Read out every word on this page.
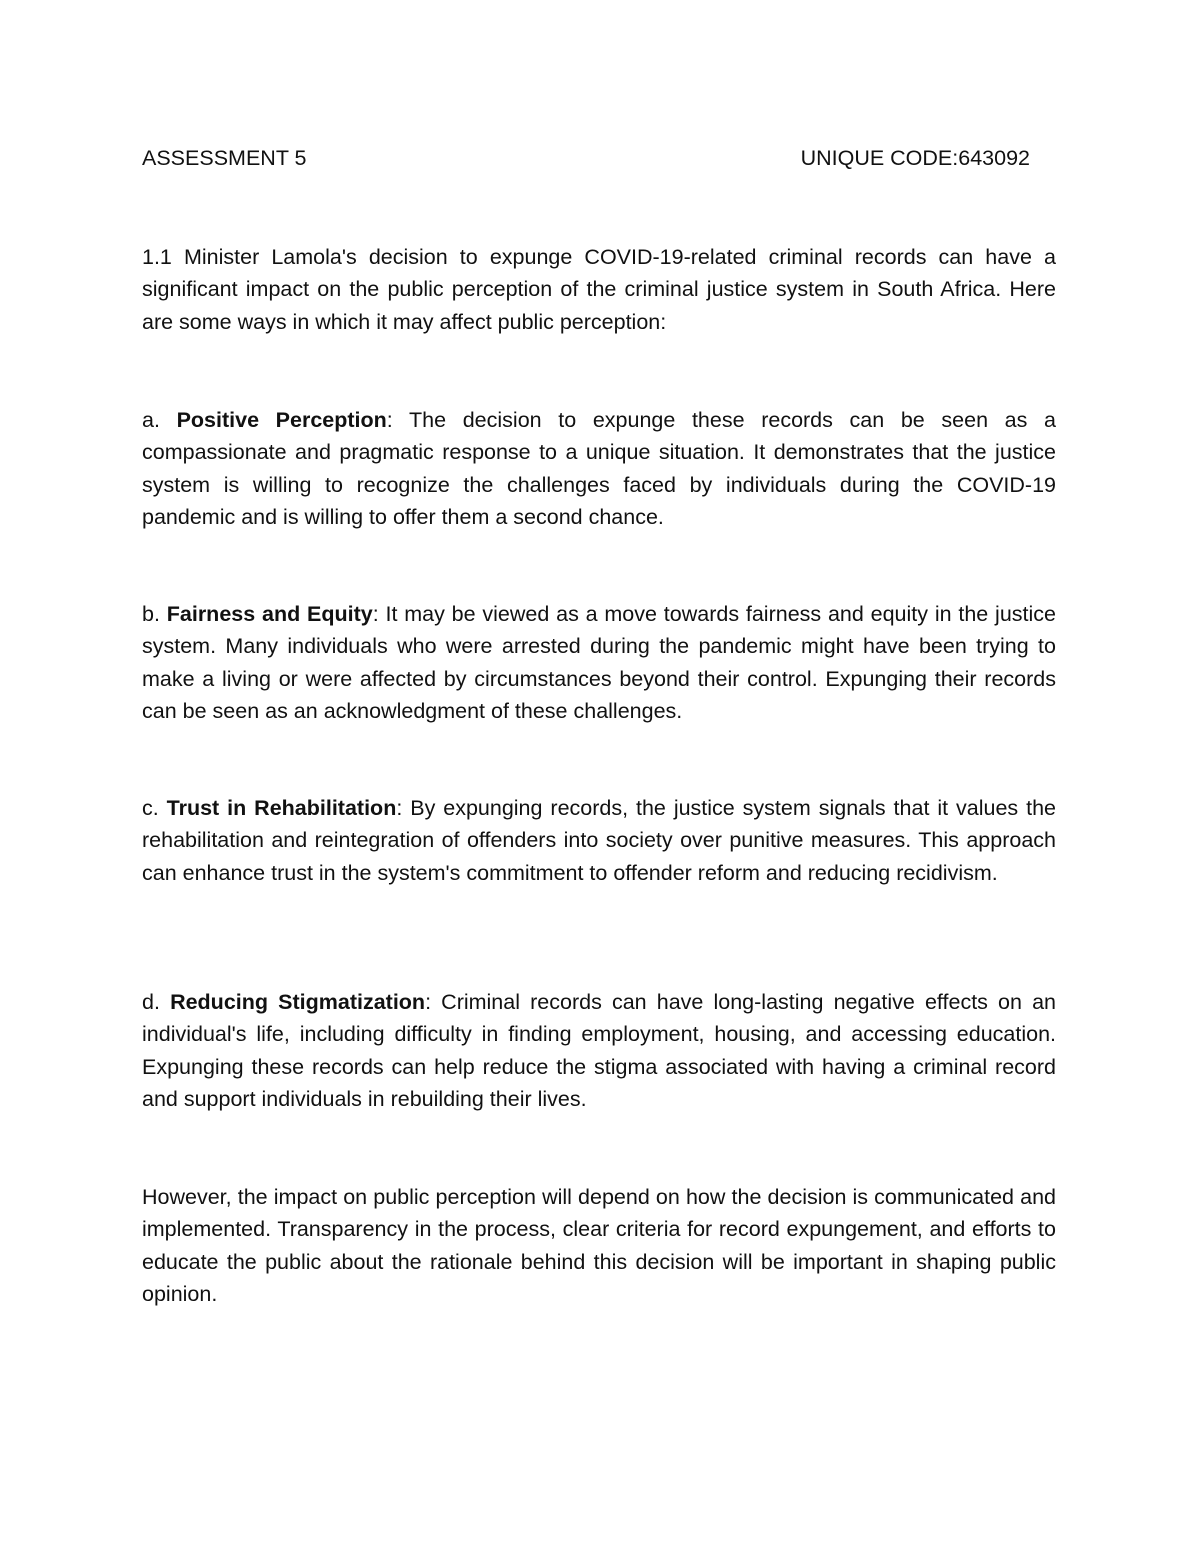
ASSESSMENT 5	UNIQUE CODE:643092

1.1 Minister Lamola's decision to expunge COVID-19-related criminal records can have a significant impact on the public perception of the criminal justice system in South Africa. Here are some ways in which it may affect public perception:

a. Positive Perception: The decision to expunge these records can be seen as a compassionate and pragmatic response to a unique situation. It demonstrates that the justice system is willing to recognize the challenges faced by individuals during the COVID-19 pandemic and is willing to offer them a second chance.

b. Fairness and Equity: It may be viewed as a move towards fairness and equity in the justice system. Many individuals who were arrested during the pandemic might have been trying to make a living or were affected by circumstances beyond their control. Expunging their records can be seen as an acknowledgment of these challenges.

c. Trust in Rehabilitation: By expunging records, the justice system signals that it values the rehabilitation and reintegration of offenders into society over punitive measures. This approach can enhance trust in the system's commitment to offender reform and reducing recidivism.

d. Reducing Stigmatization: Criminal records can have long-lasting negative effects on an individual's life, including difficulty in finding employment, housing, and accessing education. Expunging these records can help reduce the stigma associated with having a criminal record and support individuals in rebuilding their lives.

However, the impact on public perception will depend on how the decision is communicated and implemented. Transparency in the process, clear criteria for record expungement, and efforts to educate the public about the rationale behind this decision will be important in shaping public opinion.
